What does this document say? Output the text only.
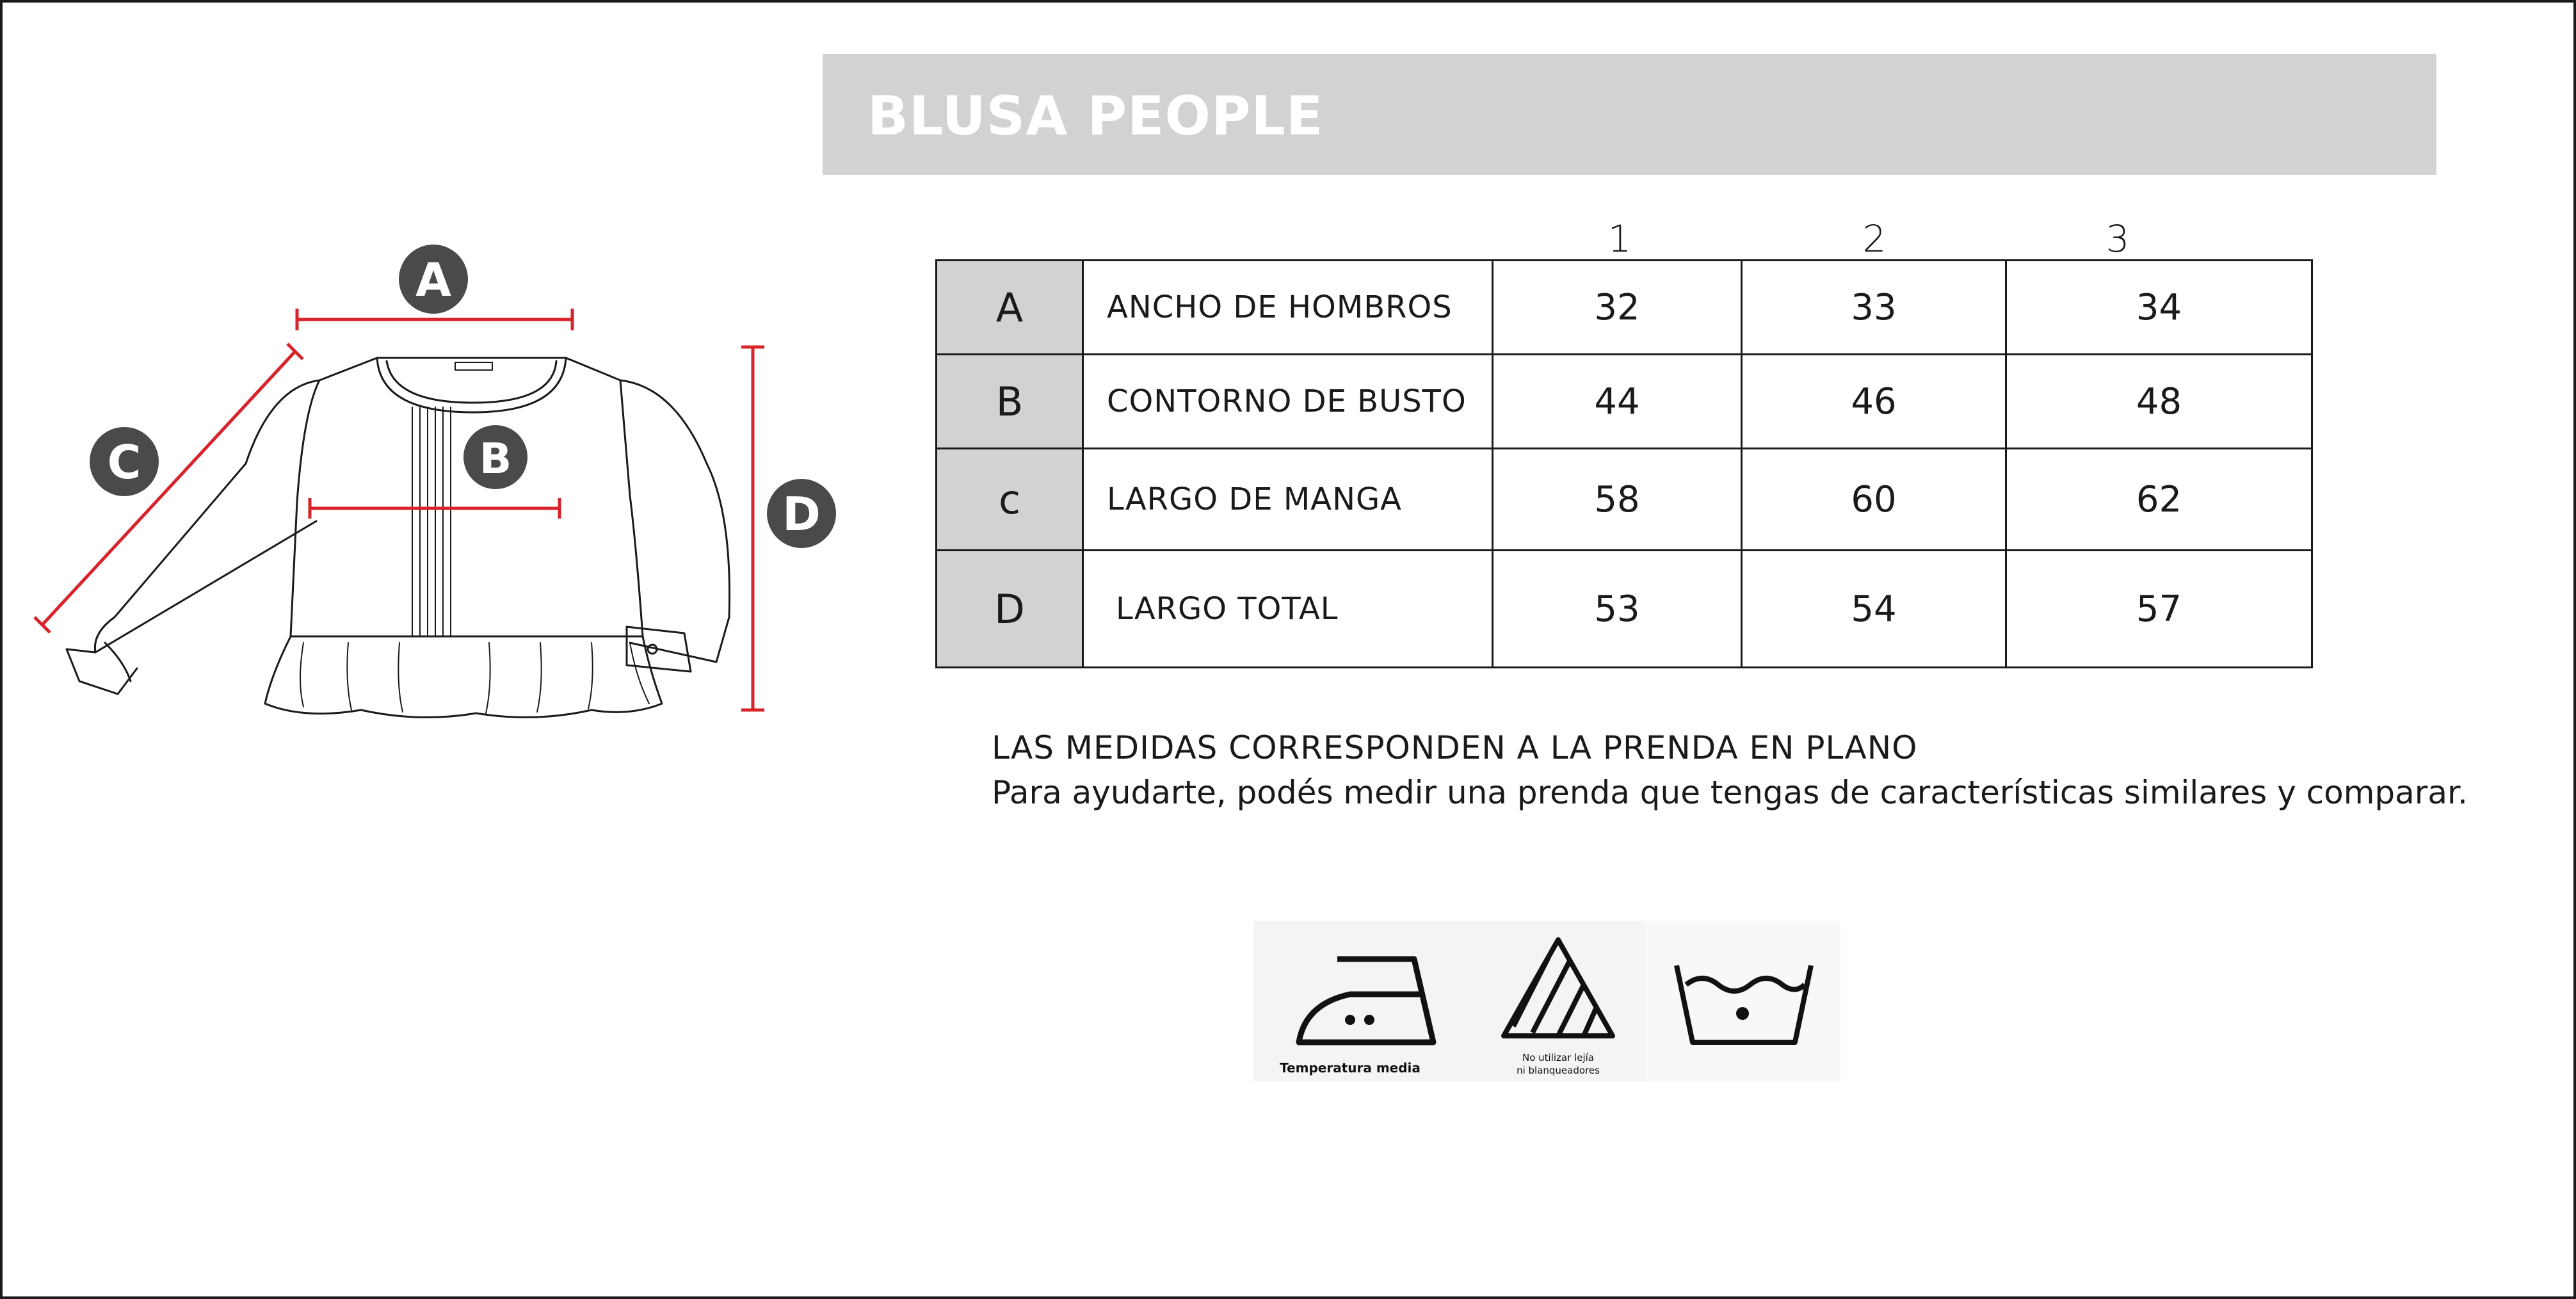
BLUSA PEOPLE
A
B
C
D
1	2	3
A	ANCHO DE HOMBROS	32	33	34
B	CONTORNO DE BUSTO	44	46	48
c	LARGO DE MANGA	58	60	62
D	LARGO TOTAL	53	54	57
LAS MEDIDAS CORRESPONDEN A LA PRENDA EN PLANO
Para ayudarte, podés medir una prenda que tengas de características similares y comparar.
Temperatura media
No utilizar lejía
ni blanqueadores
